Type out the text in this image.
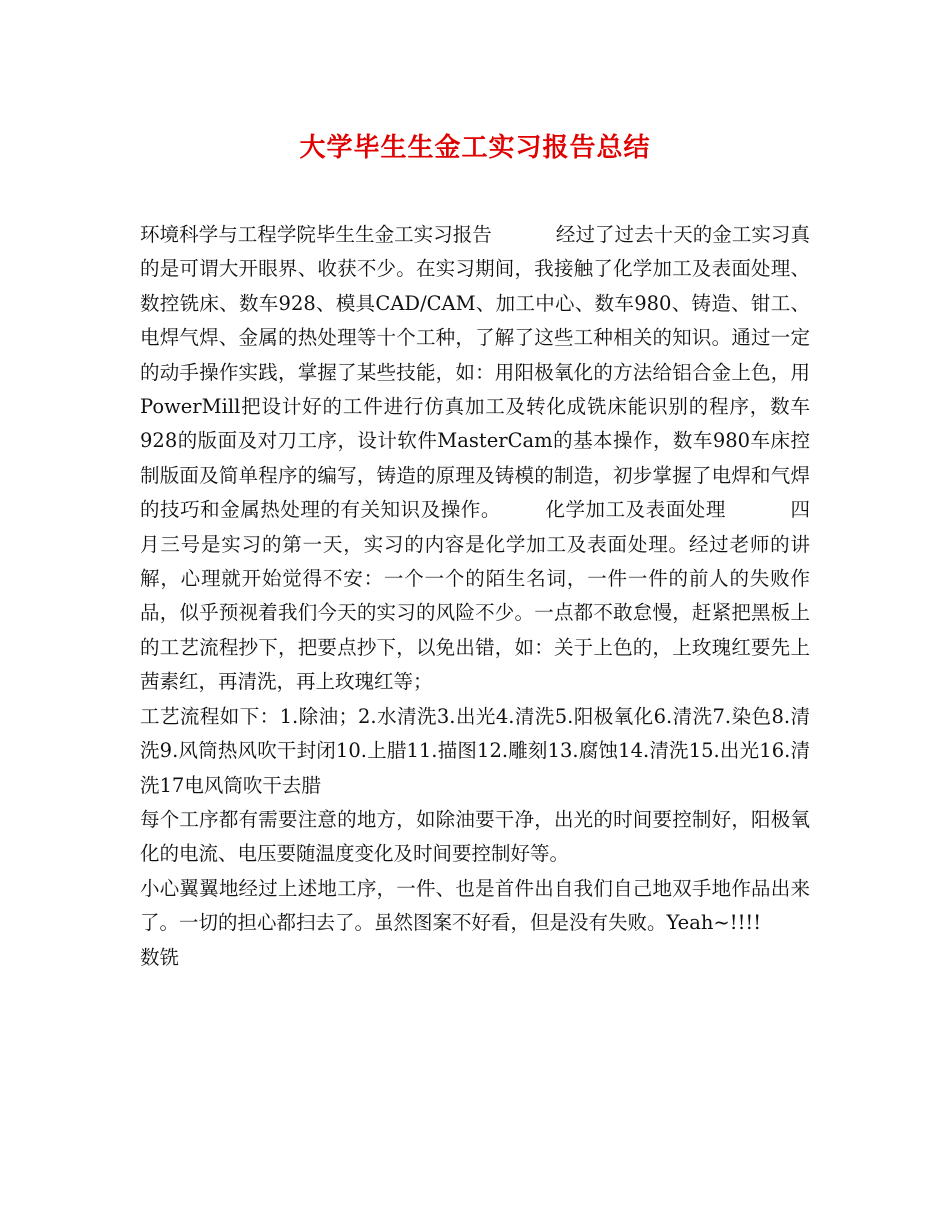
大学毕生生金工实习报告总结

环境科学与工程学院毕生生金工实习报告	经过了过去十天的金工实习真的是可谓大开眼界、收获不少。在实习期间，我接触了化学加工及表面处理、数控铣床、数车928、模具CAD/CAM、加工中心、数车980、铸造、钳工、电焊气焊、金属的热处理等十个工种，了解了这些工种相关的知识。通过一定的动手操作实践，掌握了某些技能，如：用阳极氧化的方法给铝合金上色，用PowerMill把设计好的工件进行仿真加工及转化成铣床能识别的程序，数车928的版面及对刀工序，设计软件MasterCam的基本操作，数车980车床控制版面及简单程序的编写，铸造的原理及铸模的制造，初步掌握了电焊和气焊的技巧和金属热处理的有关知识及操作。 化学加工及表面处理	四月三号是实习的第一天，实习的内容是化学加工及表面处理。经过老师的讲解，心理就开始觉得不安：一个一个的陌生名词，一件一件的前人的失败作品，似乎预视着我们今天的实习的风险不少。一点都不敢怠慢，赶紧把黑板上的工艺流程抄下，把要点抄下，以免出错，如：关于上色的，上玫瑰红要先上茜素红，再清洗，再上玫瑰红等；

工艺流程如下：1.除油；2.水清洗3.出光4.清洗5.阳极氧化6.清洗7.染色8.清洗9.风筒热风吹干封闭10.上腊11.描图12.雕刻13.腐蚀14.清洗15.出光16.清洗17电风筒吹干去腊

每个工序都有需要注意的地方，如除油要干净，出光的时间要控制好，阳极氧化的电流、电压要随温度变化及时间要控制好等。

小心翼翼地经过上述地工序，一件、也是首件出自我们自己地双手地作品出来了。一切的担心都扫去了。虽然图案不好看，但是没有失败。Yeah~!!!!

数铣
